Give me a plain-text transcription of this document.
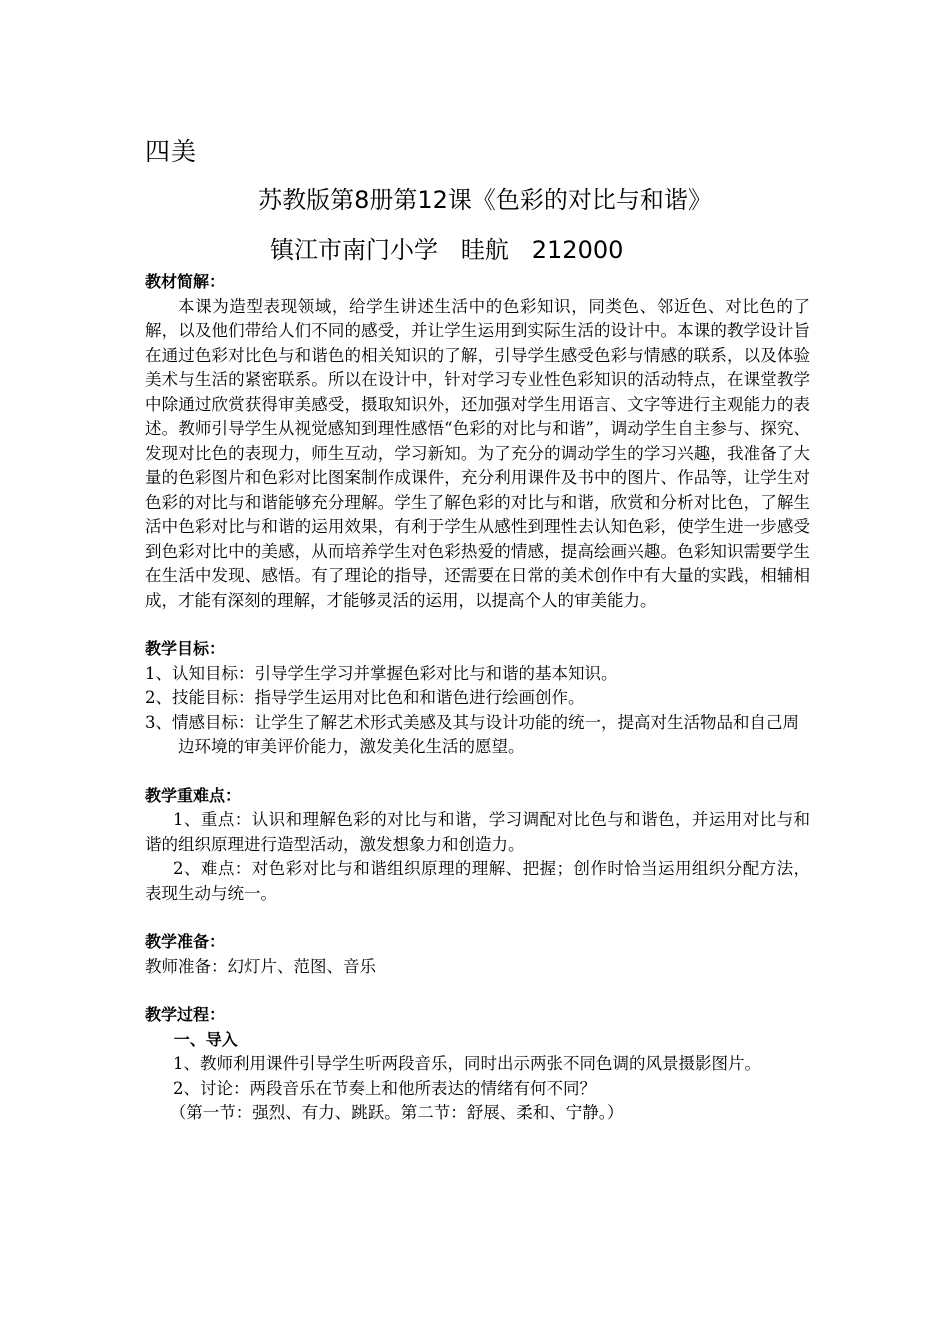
四美
苏教版第8册第12课《色彩的对比与和谐》
镇江市南门小学   眭航   212000
教材简解：

本课为造型表现领域，给学生讲述生活中的色彩知识，同类色、邻近色、对比色的了解，以及他们带给人们不同的感受，并让学生运用到实际生活的设计中。本课的教学设计旨在通过色彩对比色与和谐色的相关知识的了解，引导学生感受色彩与情感的联系，以及体验美术与生活的紧密联系。所以在设计中，针对学习专业性色彩知识的活动特点，在课堂教学中除通过欣赏获得审美感受，摄取知识外，还加强对学生用语言、文字等进行主观能力的表述。教师引导学生从视觉感知到理性感悟“色彩的对比与和谐”，调动学生自主参与、探究、发现对比色的表现力，师生互动，学习新知。为了充分的调动学生的学习兴趣，我准备了大量的色彩图片和色彩对比图案制作成课件，充分利用课件及书中的图片、作品等，让学生对色彩的对比与和谐能够充分理解。学生了解色彩的对比与和谐，欣赏和分析对比色，了解生活中色彩对比与和谐的运用效果，有利于学生从感性到理性去认知色彩，使学生进一步感受到色彩对比中的美感，从而培养学生对色彩热爱的情感，提高绘画兴趣。色彩知识需要学生在生活中发现、感悟。有了理论的指导，还需要在日常的美术创作中有大量的实践，相辅相成，才能有深刻的理解，才能够灵活的运用，以提高个人的审美能力。

教学目标：

1、认知目标：引导学生学习并掌握色彩对比与和谐的基本知识。

2、技能目标：指导学生运用对比色和和谐色进行绘画创作。

3、情感目标：让学生了解艺术形式美感及其与设计功能的统一，提高对生活物品和自己周边环境的审美评价能力，激发美化生活的愿望。

教学重难点：

1、重点：认识和理解色彩的对比与和谐，学习调配对比色与和谐色，并运用对比与和谐的组织原理进行造型活动，激发想象力和创造力。

2、难点：对色彩对比与和谐组织原理的理解、把握；创作时恰当运用组织分配方法，表现生动与统一。

教学准备：

教师准备：幻灯片、范图、音乐

教学过程：

一、导入

1、教师利用课件引导学生听两段音乐，同时出示两张不同色调的风景摄影图片。

2、讨论：两段音乐在节奏上和他所表达的情绪有何不同？

（第一节：强烈、有力、跳跃。第二节：舒展、柔和、宁静。）
